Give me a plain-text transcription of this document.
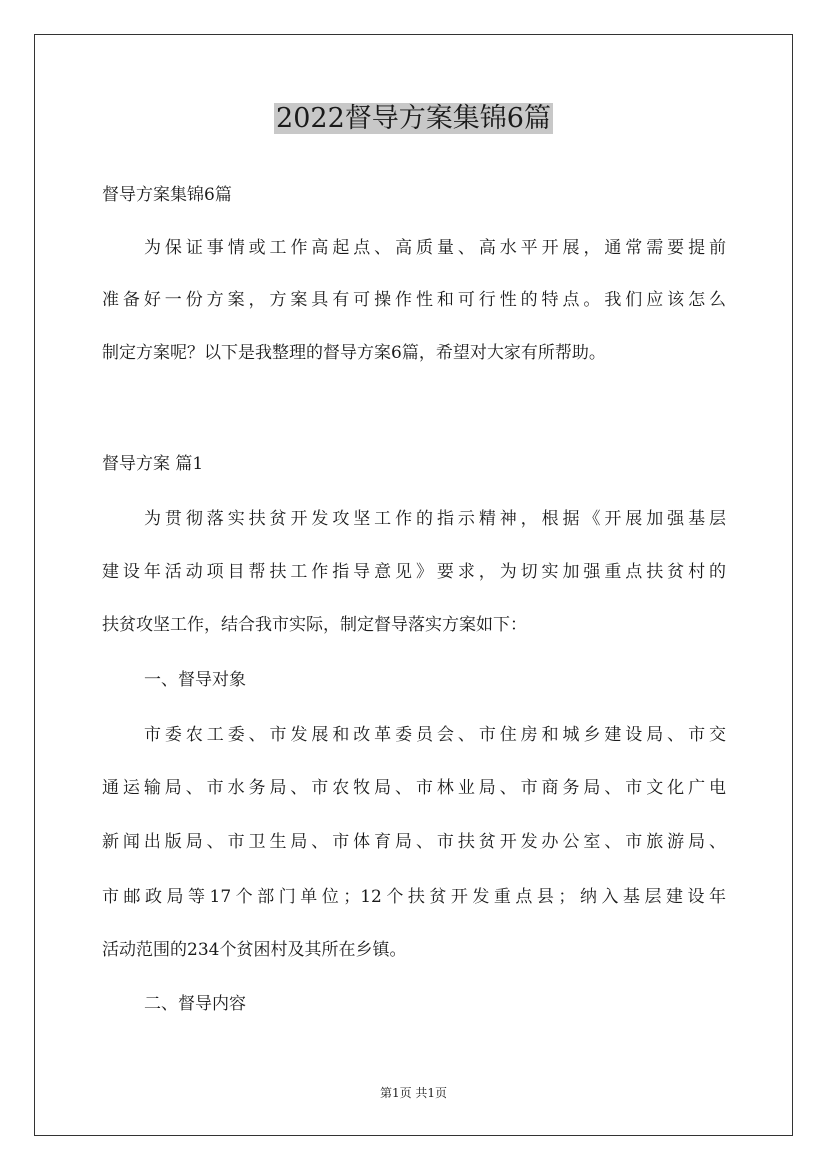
2022督导方案集锦6篇
督导方案集锦6篇
为保证事情或工作高起点、高质量、高水平开展，通常需要提前
准备好一份方案，方案具有可操作性和可行性的特点。我们应该怎么
制定方案呢？以下是我整理的督导方案6篇，希望对大家有所帮助。
督导方案 篇1
为贯彻落实扶贫开发攻坚工作的指示精神，根据《开展加强基层
建设年活动项目帮扶工作指导意见》要求，为切实加强重点扶贫村的
扶贫攻坚工作，结合我市实际，制定督导落实方案如下：
一、督导对象
市委农工委、市发展和改革委员会、市住房和城乡建设局、市交
通运输局、市水务局、市农牧局、市林业局、市商务局、市文化广电
新闻出版局、市卫生局、市体育局、市扶贫开发办公室、市旅游局、
市邮政局等17个部门单位；12个扶贫开发重点县；纳入基层建设年
活动范围的234个贫困村及其所在乡镇。
二、督导内容
第1页 共1页
